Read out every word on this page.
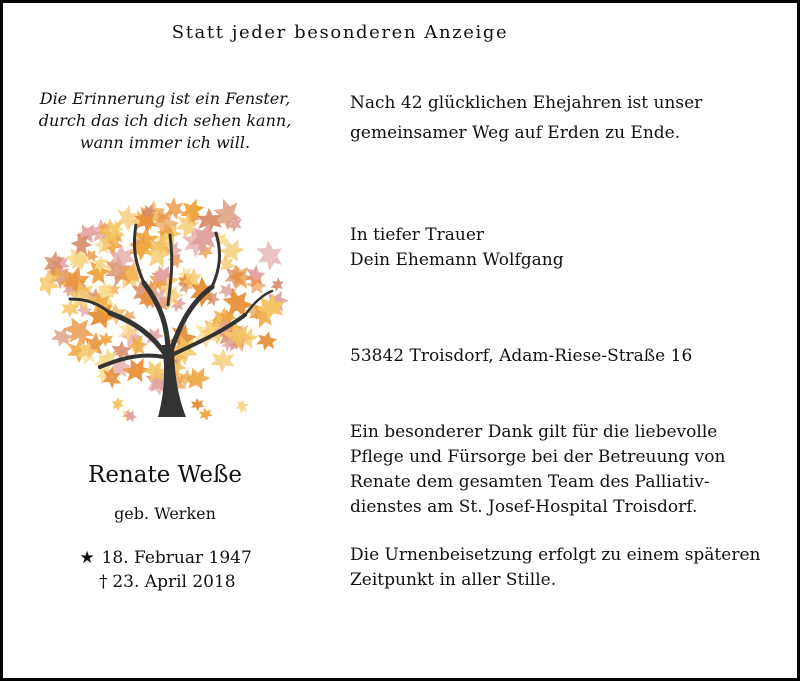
Statt jeder besonderen Anzeige
Die Erinnerung ist ein Fenster,
durch das ich dich sehen kann,
wann immer ich will.
Renate Weße
geb. Werken
★ 18. Februar 1947
† 23. April 2018
Nach 42 glücklichen Ehejahren ist unser
gemeinsamer Weg auf Erden zu Ende.
In tiefer Trauer
Dein Ehemann Wolfgang
53842 Troisdorf, Adam-Riese-Straße 16
Ein besonderer Dank gilt für die liebevolle
Pflege und Fürsorge bei der Betreuung von
Renate dem gesamten Team des Palliativ-
dienstes am St. Josef-Hospital Troisdorf.
Die Urnenbeisetzung erfolgt zu einem späteren
Zeitpunkt in aller Stille.
